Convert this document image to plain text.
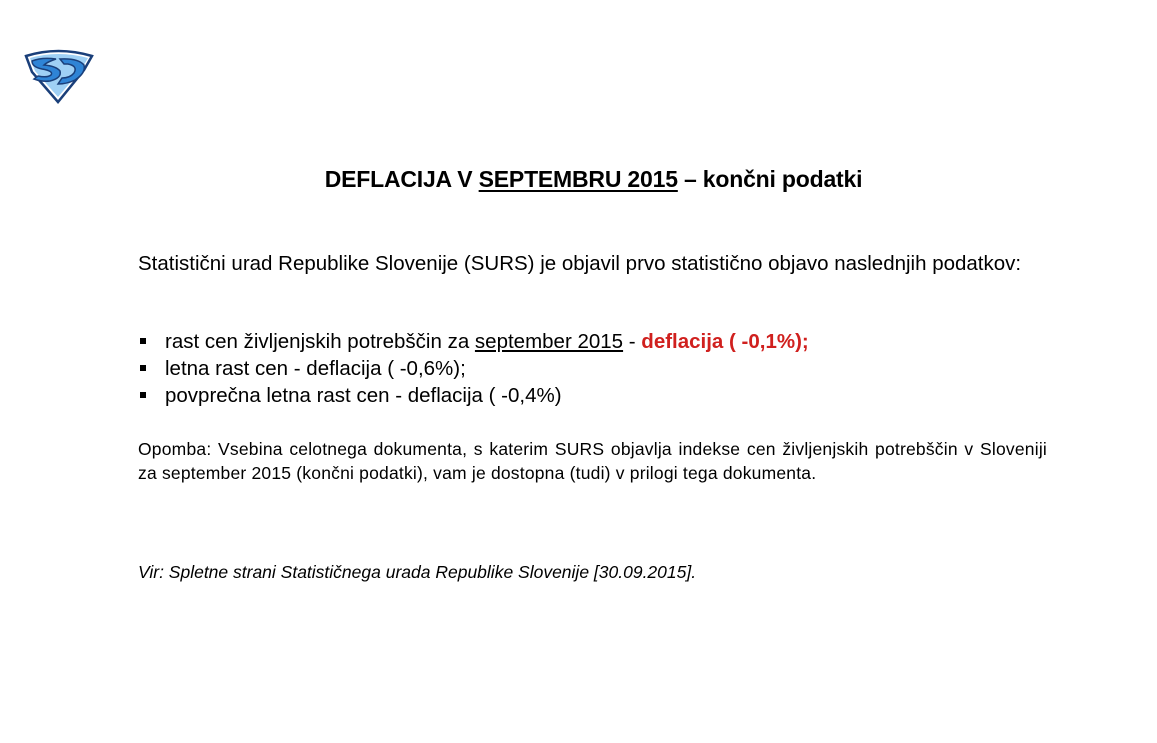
DEFLACIJA V SEPTEMBRU 2015 – končni podatki
Statistični urad Republike Slovenije (SURS) je objavil prvo statistično objavo naslednjih podatkov:
rast cen življenjskih potrebščin za september 2015 - deflacija ( -0,1%);
letna rast cen - deflacija ( -0,6%);
povprečna letna rast cen - deflacija ( -0,4%)
Opomba: Vsebina celotnega dokumenta, s katerim SURS objavlja indekse cen življenjskih potrebščin v Sloveniji za september 2015 (končni podatki), vam je dostopna (tudi) v prilogi tega dokumenta.
Vir: Spletne strani Statističnega urada Republike Slovenije [30.09.2015].
